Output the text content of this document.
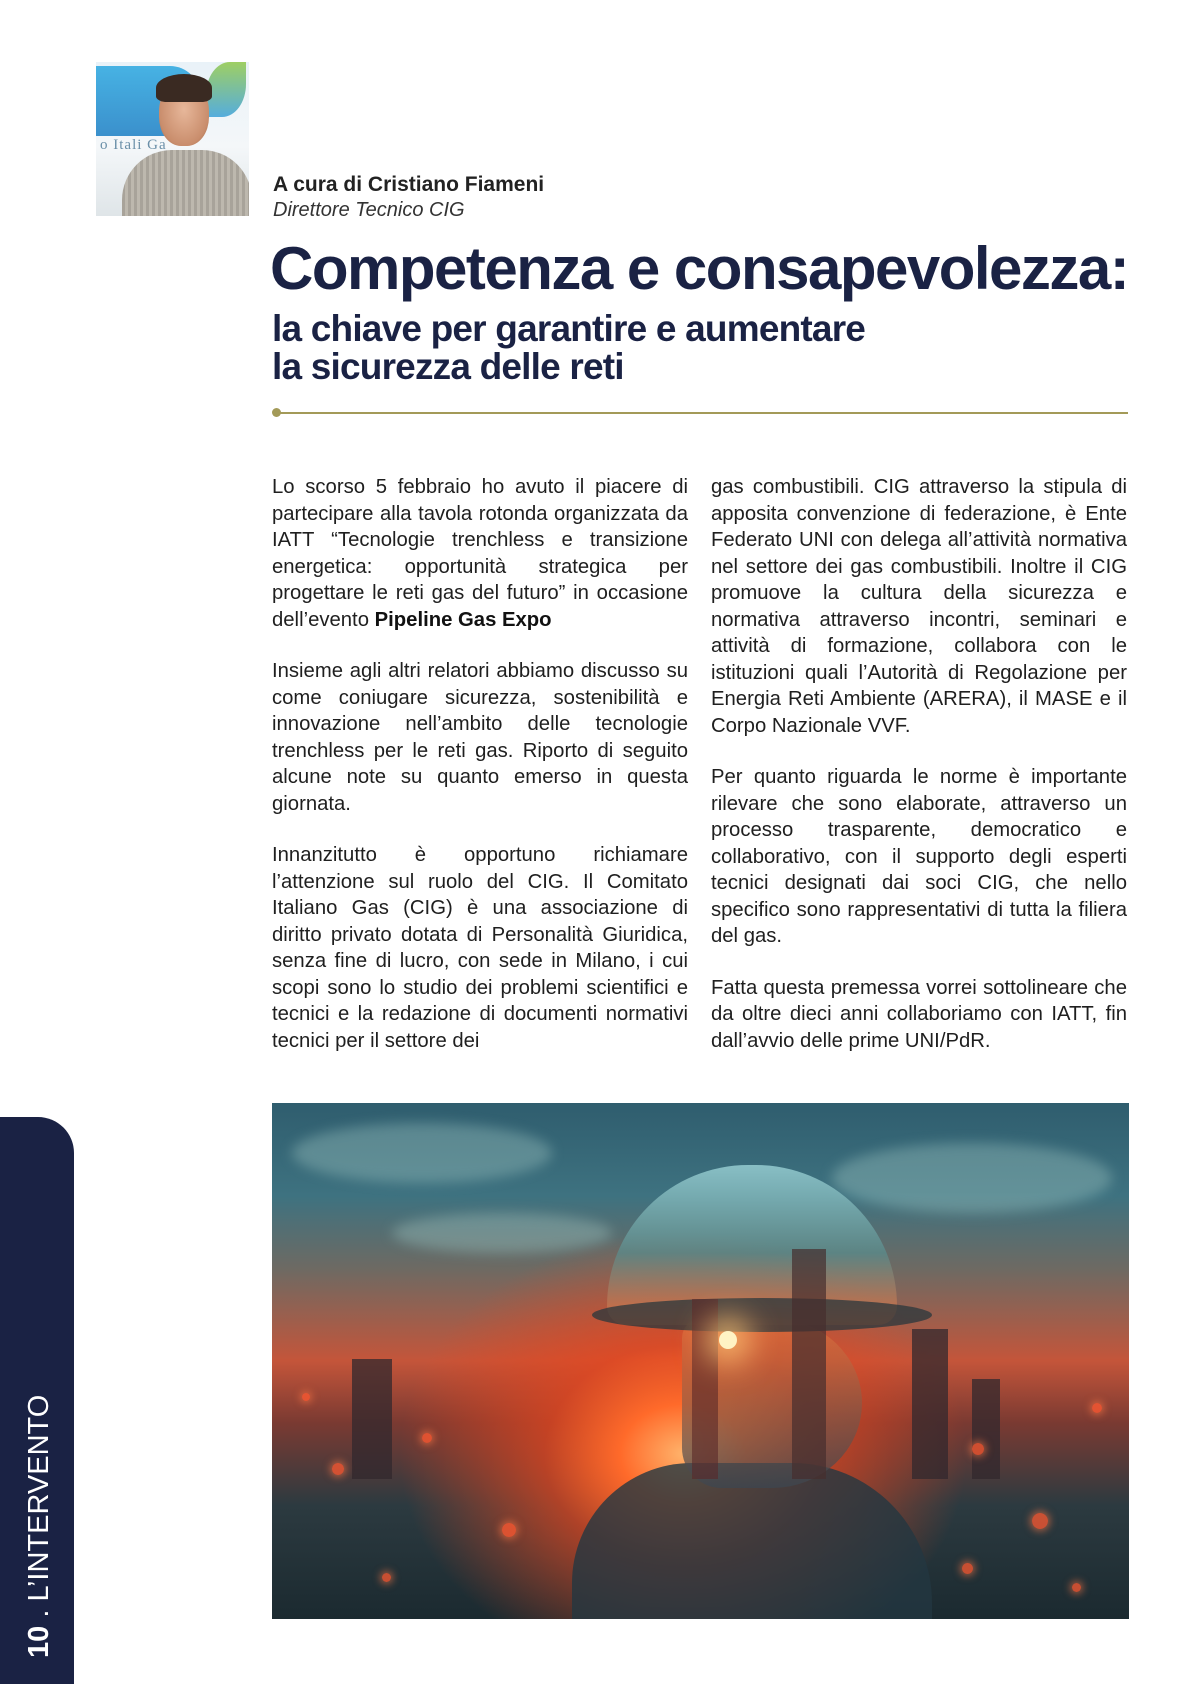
o Itali Ga

A cura di Cristiano Fiameni

Direttore Tecnico CIG

Competenza e consapevolezza:
la chiave per garantire e aumentare
la sicurezza delle reti

Lo scorso 5 febbraio ho avuto il piacere di partecipare alla tavola rotonda organizzata da IATT “Tecnologie trenchless e transizione energetica: opportunità strategica per progettare le reti gas del futuro” in occasione dell’evento Pipeline Gas Expo

Insieme agli altri relatori abbiamo discusso su come coniugare sicurezza, sostenibilità e innovazione nell’ambito delle tecnologie trenchless per le reti gas. Riporto di seguito alcune note su quanto emerso in questa giornata.

Innanzitutto è opportuno richiamare l’attenzione sul ruolo del CIG. Il Comitato Italiano Gas (CIG) è una associazione di diritto privato dotata di Personalità Giuridica, senza fine di lucro, con sede in Milano, i cui scopi sono lo studio dei problemi scientifici e tecnici e la redazione di documenti normativi tecnici per il settore dei

gas combustibili. CIG attraverso la stipula di apposita convenzione di federazione, è Ente Federato UNI con delega all’attività normativa nel settore dei gas combustibili. Inoltre il CIG promuove la cultura della sicurezza e normativa attraverso incontri, seminari e attività di formazione, collabora con le istituzioni quali l’Autorità di Regolazione per Energia Reti Ambiente (ARERA), il MASE e il Corpo Nazionale VVF.

Per quanto riguarda le norme è importante rilevare che sono elaborate, attraverso un processo trasparente, democratico e collaborativo, con il supporto degli esperti tecnici designati dai soci CIG, che nello specifico sono rappresentativi di tutta la filiera del gas.

Fatta questa premessa vorrei sottolineare che da oltre dieci anni collaboriamo con IATT, fin dall’avvio delle prime UNI/PdR.

10 . L’INTERVENTO
